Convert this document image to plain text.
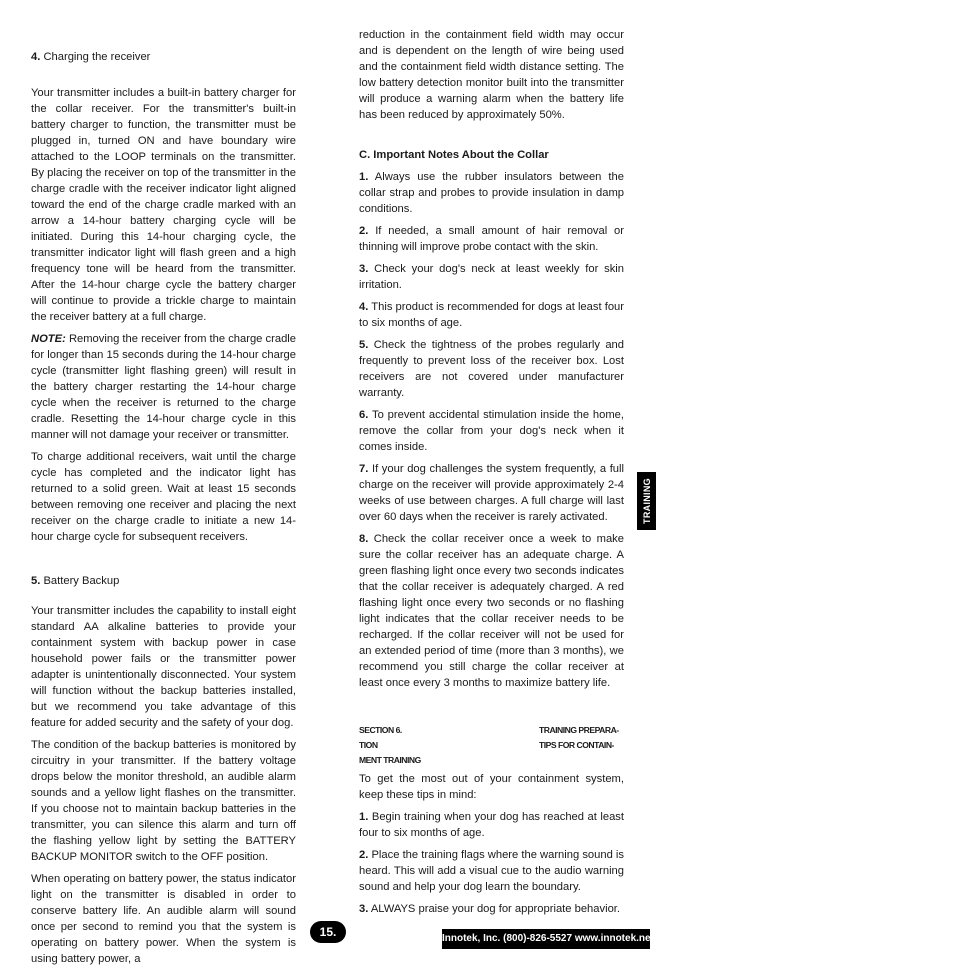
4. Charging the receiver

Your transmitter includes a built-in battery charger for the collar receiver. For the transmitter's built-in battery charger to function, the transmitter must be plugged in, turned ON and have boundary wire attached to the LOOP terminals on the transmitter. By placing the receiver on top of the transmitter in the charge cradle with the receiver indicator light aligned toward the end of the charge cradle marked with an arrow a 14-hour battery charging cycle will be initiated. During this 14-hour charging cycle, the transmitter indicator light will flash green and a high frequency tone will be heard from the transmitter. After the 14-hour charge cycle the battery charger will continue to provide a trickle charge to maintain the receiver battery at a full charge.

NOTE: Removing the receiver from the charge cradle for longer than 15 seconds during the 14-hour charge cycle (transmitter light flashing green) will result in the battery charger restarting the 14-hour charge cycle when the receiver is returned to the charge cradle. Resetting the 14-hour charge cycle in this manner will not damage your receiver or transmitter.

To charge additional receivers, wait until the charge cycle has completed and the indicator light has returned to a solid green. Wait at least 15 seconds between removing one receiver and placing the next receiver on the charge cradle to initiate a new 14-hour charge cycle for subsequent receivers.

5. Battery Backup

Your transmitter includes the capability to install eight standard AA alkaline batteries to provide your containment system with backup power in case household power fails or the transmitter power adapter is unintentionally disconnected. Your system will function without the backup batteries installed, but we recommend you take advantage of this feature for added security and the safety of your dog.

The condition of the backup batteries is monitored by circuitry in your transmitter. If the battery voltage drops below the monitor threshold, an audible alarm sounds and a yellow light flashes on the transmitter. If you choose not to maintain backup batteries in the transmitter, you can silence this alarm and turn off the flashing yellow light by setting the BATTERY BACKUP MONITOR switch to the OFF position.

When operating on battery power, the status indicator light on the transmitter is disabled in order to conserve battery life. An audible alarm will sound once per second to remind you that the system is operating on battery power. When the system is using battery power, a

reduction in the containment field width may occur and is dependent on the length of wire being used and the containment field width distance setting. The low battery detection monitor built into the transmitter will produce a warning alarm when the battery life has been reduced by approximately 50%.

C. Important Notes About the Collar

1. Always use the rubber insulators between the collar strap and probes to provide insulation in damp conditions.

2. If needed, a small amount of hair removal or thinning will improve probe contact with the skin.

3. Check your dog's neck at least weekly for skin irritation.

4. This product is recommended for dogs at least four to six months of age.

5. Check the tightness of the probes regularly and frequently to prevent loss of the receiver box. Lost receivers are not covered under manufacturer warranty.

6. To prevent accidental stimulation inside the home, remove the collar from your dog's neck when it comes inside.

7. If your dog challenges the system frequently, a full charge on the receiver will provide approximately 2-4 weeks of use between charges. A full charge will last over 60 days when the receiver is rarely activated.

8. Check the collar receiver once a week to make sure the collar receiver has an adequate charge. A green flashing light once every two seconds indicates that the collar receiver is adequately charged. A red flashing light once every two seconds or no flashing light indicates that the collar receiver needs to be recharged. If the collar receiver will not be used for an extended period of time (more than 3 months), we recommend you still charge the collar receiver at least once every 3 months to maximize battery life.

SECTION 6.
TION
MENT TRAINING
TRAINING PREPARA-
TIPS FOR CONTAIN-

To get the most out of your containment system, keep these tips in mind:

1. Begin training when your dog has reached at least four to six months of age.

2. Place the training flags where the warning sound is heard. This will add a visual cue to the audio warning sound and help your dog learn the boundary.

3. ALWAYS praise your dog for appropriate behavior.

TRAINING
15.	Innotek, Inc. (800)-826-5527 www.innotek.net
